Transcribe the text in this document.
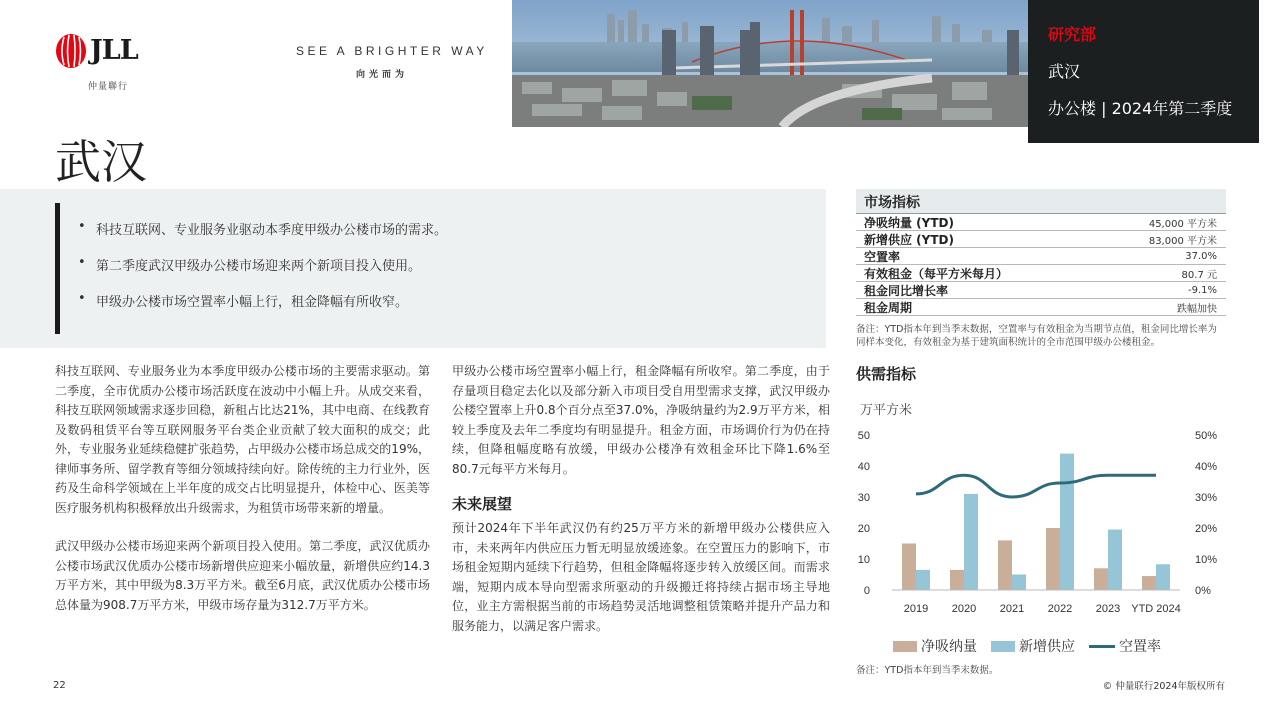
JLL
仲量聯行
SEE A BRIGHTER WAY
向光而为
研究部
武汉
办公楼 | 2024年第二季度
武汉
• 科技互联网、专业服务业驱动本季度甲级办公楼市场的需求。
• 第二季度武汉甲级办公楼市场迎来两个新项目投入使用。
• 甲级办公楼市场空置率小幅上行，租金降幅有所收窄。

科技互联网、专业服务业为本季度甲级办公楼市场的主要需求驱动。第二季度，全市优质办公楼市场活跃度在波动中小幅上升。从成交来看，科技互联网领域需求逐步回稳，新租占比达21%，其中电商、在线教育及数码租赁平台等互联网服务平台类企业贡献了较大面积的成交；此外，专业服务业延续稳健扩张趋势，占甲级办公楼市场总成交的19%，律师事务所、留学教育等细分领域持续向好。除传统的主力行业外，医药及生命科学领域在上半年度的成交占比明显提升，体检中心、医美等医疗服务机构积极释放出升级需求，为租赁市场带来新的增量。

武汉甲级办公楼市场迎来两个新项目投入使用。第二季度，武汉优质办公楼市场武汉优质办公楼市场新增供应迎来小幅放量，新增供应约14.3万平方米，其中甲级为8.3万平方米。截至6月底，武汉优质办公楼市场总体量为908.7万平方米，甲级市场存量为312.7万平方米。

甲级办公楼市场空置率小幅上行，租金降幅有所收窄。第二季度，由于存量项目稳定去化以及部分新入市项目受自用型需求支撑，武汉甲级办公楼空置率上升0.8个百分点至37.0%，净吸纳量约为2.9万平方米，相较上季度及去年二季度均有明显提升。租金方面，市场调价行为仍在持续，但降租幅度略有放缓，甲级办公楼净有效租金环比下降1.6%至80.7元每平方米每月。

未来展望

预计2024年下半年武汉仍有约25万平方米的新增甲级办公楼供应入市，未来两年内供应压力暂无明显放缓迹象。在空置压力的影响下，市场租金短期内延续下行趋势，但租金降幅将逐步转入放缓区间。而需求端，短期内成本导向型需求所驱动的升级搬迁将持续占据市场主导地位，业主方需根据当前的市场趋势灵活地调整租赁策略并提升产品力和服务能力，以满足客户需求。

市场指标
净吸纳量 (YTD)	45,000 平方米
新增供应 (YTD)	83,000 平方米
空置率	37.0%
有效租金（每平方米每月）	80.7 元
租金同比增长率	-9.1%
租金周期	跌幅加快
备注：YTD指本年到当季末数据，空置率与有效租金为当期节点值，租金同比增长率为同样本变化，有效租金为基于建筑面积统计的全市范围甲级办公楼租金。
供需指标
万平方米
0
10
20
30
40
50
0%
10%
20%
30%
40%
50%
2019 2020 2021 2022 2023 YTD 2024
净吸纳量	新增供应	空置率
备注：YTD指本年到当季末数据。
22	© 仲量联行2024年版权所有
